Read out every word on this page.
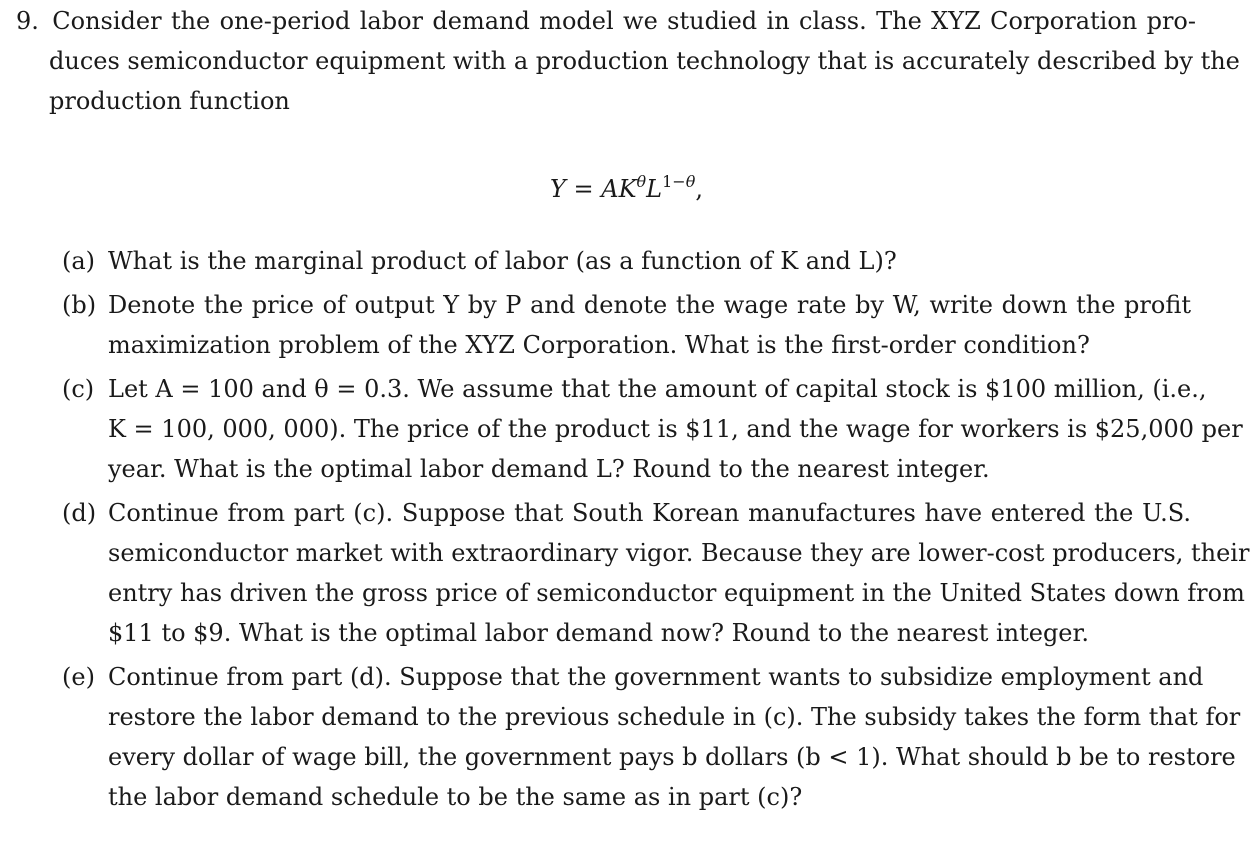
9. Consider the one-period labor demand model we studied in class. The XYZ Corporation pro-
duces semiconductor equipment with a production technology that is accurately described by the
production function
$Y = AK^\theta L^{1-\theta}$,
(a) What is the marginal product of labor (as a function of K and L)?
(b) Denote the price of output Y by P and denote the wage rate by W, write down the profit
maximization problem of the XYZ Corporation. What is the first-order condition?
(c) Let A = 100 and θ = 0.3. We assume that the amount of capital stock is $100 million, (i.e.,
K = 100, 000, 000). The price of the product is $11, and the wage for workers is $25,000 per
year. What is the optimal labor demand L? Round to the nearest integer.
(d) Continue from part (c). Suppose that South Korean manufactures have entered the U.S.
semiconductor market with extraordinary vigor. Because they are lower-cost producers, their
entry has driven the gross price of semiconductor equipment in the United States down from
$11 to $9. What is the optimal labor demand now? Round to the nearest integer.
(e) Continue from part (d). Suppose that the government wants to subsidize employment and
restore the labor demand to the previous schedule in (c). The subsidy takes the form that for
every dollar of wage bill, the government pays b dollars (b < 1). What should b be to restore
the labor demand schedule to be the same as in part (c)?
